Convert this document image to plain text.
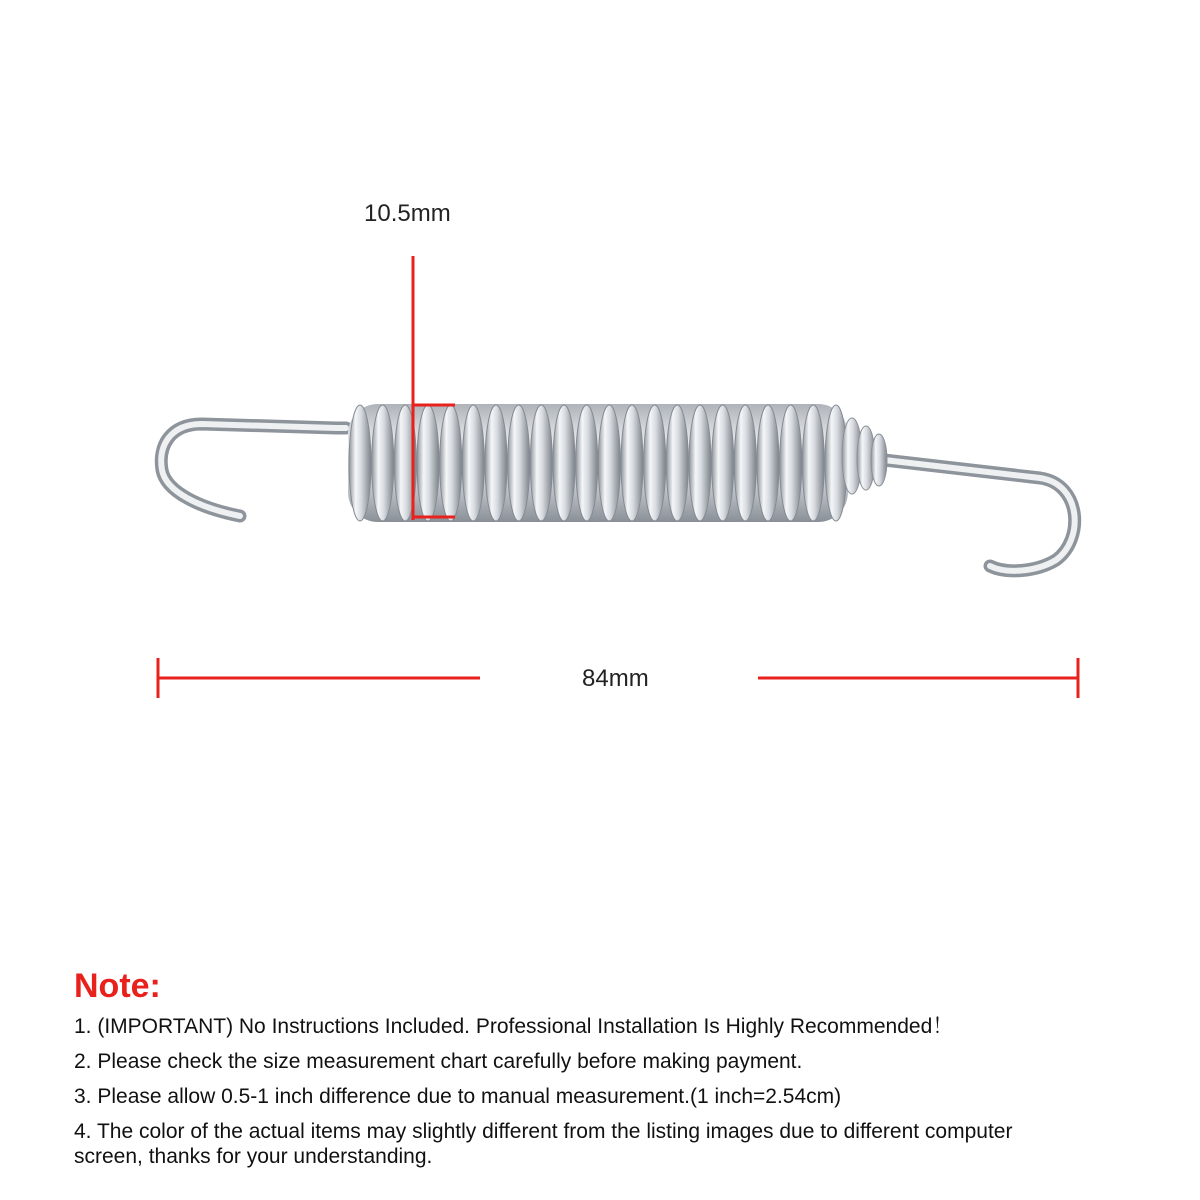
10.5mm
84mm
Note:
1. (IMPORTANT) No Instructions Included. Professional Installation Is Highly Recommended！
2. Please check the size measurement chart carefully before making payment.
3. Please allow 0.5-1 inch difference due to manual measurement.(1 inch=2.54cm)
4. The color of the actual items may slightly different from the listing images due to different computer
screen, thanks for your understanding.
